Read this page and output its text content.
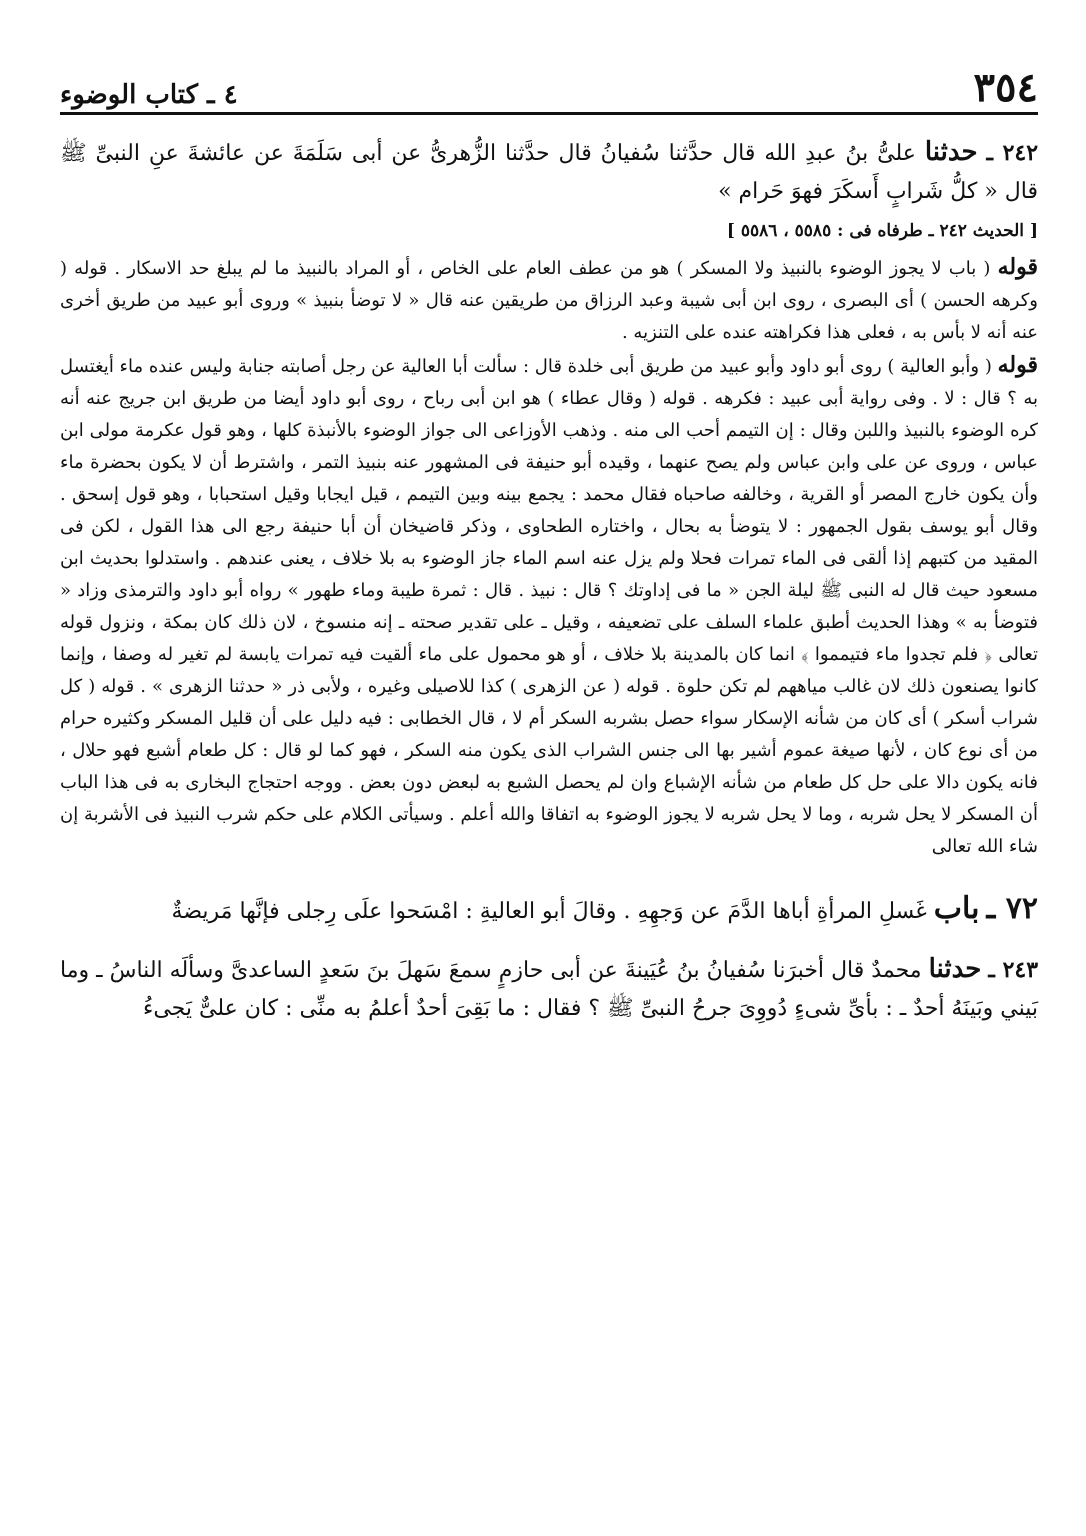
٣٥٤
٤ ـ كتاب الوضوء
٢٤٢ ـ حدثنا علىُّ بنُ عبدِ الله قال حدَّثنا سُفيانُ قال حدَّثنا الزُّهرىُّ عن أبى سَلَمَةَ عن عائشةَ عنِ النبىِّ ﷺ قال « كلُّ شَرابٍ أَسكَرَ فهوَ حَرام »
[ الحديث ٢٤٢ ـ طرفاه فى : ٥٥٨٥ ، ٥٥٨٦ ]

قوله ( باب لا يجوز الوضوء بالنبيذ ولا المسكر ) هو من عطف العام على الخاص ، أو المراد بالنبيذ ما لم يبلغ حد الاسكار . قوله ( وكرهه الحسن ) أى البصرى ، روى ابن أبى شيبة وعبد الرزاق من طريقين عنه قال « لا توضأ بنبيذ » وروى أبو عبيد من طريق أخرى عنه أنه لا بأس به ، فعلى هذا فكراهته عنده على التنزيه .

قوله ( وأبو العالية ) روى أبو داود وأبو عبيد من طريق أبى خلدة قال : سألت أبا العالية عن رجل أصابته جنابة وليس عنده ماء أيغتسل به ؟ قال : لا . وفى رواية أبى عبيد : فكرهه . قوله ( وقال عطاء ) هو ابن أبى رباح ، روى أبو داود أيضا من طريق ابن جريج عنه أنه كره الوضوء بالنبيذ واللبن وقال : إن التيمم أحب الى منه . وذهب الأوزاعى الى جواز الوضوء بالأنبذة كلها ، وهو قول عكرمة مولى ابن عباس ، وروى عن على وابن عباس ولم يصح عنهما ، وقيده أبو حنيفة فى المشهور عنه بنبيذ التمر ، واشترط أن لا يكون بحضرة ماء وأن يكون خارج المصر أو القرية ، وخالفه صاحباه فقال محمد : يجمع بينه وبين التيمم ، قيل ايجابا وقيل استحبابا ، وهو قول إسحق . وقال أبو يوسف بقول الجمهور : لا يتوضأ به بحال ، واختاره الطحاوى ، وذكر قاضيخان أن أبا حنيفة رجع الى هذا القول ، لكن فى المقيد من كتبهم إذا ألقى فى الماء تمرات فحلا ولم يزل عنه اسم الماء جاز الوضوء به بلا خلاف ، يعنى عندهم . واستدلوا بحديث ابن مسعود حيث قال له النبى ﷺ ليلة الجن « ما فى إداوتك ؟ قال : نبيذ . قال : ثمرة طيبة وماء طهور » رواه أبو داود والترمذى وزاد « فتوضأ به » وهذا الحديث أطبق علماء السلف على تضعيفه ، وقيل ـ على تقدير صحته ـ إنه منسوخ ، لان ذلك كان بمكة ، ونزول قوله تعالى ﴿ فلم تجدوا ماء فتيمموا ﴾ انما كان بالمدينة بلا خلاف ، أو هو محمول على ماء ألقيت فيه تمرات يابسة لم تغير له وصفا ، وإنما كانوا يصنعون ذلك لان غالب مياههم لم تكن حلوة . قوله ( عن الزهرى ) كذا للاصيلى وغيره ، ولأبى ذر « حدثنا الزهرى » . قوله ( كل شراب أسكر ) أى كان من شأنه الإسكار سواء حصل بشربه السكر أم لا ، قال الخطابى : فيه دليل على أن قليل المسكر وكثيره حرام من أى نوع كان ، لأنها صيغة عموم أشير بها الى جنس الشراب الذى يكون منه السكر ، فهو كما لو قال : كل طعام أشبع فهو حلال ، فانه يكون دالا على حل كل طعام من شأنه الإشباع وان لم يحصل الشبع به لبعض دون بعض . ووجه احتجاج البخارى به فى هذا الباب أن المسكر لا يحل شربه ، وما لا يحل شربه لا يجوز الوضوء به اتفاقا والله أعلم . وسيأتى الكلام على حكم شرب النبيذ فى الأشربة إن شاء الله تعالى

٧٢ ـ باب غَسلِ المرأةِ أباها الدَّمَ عن وَجهِهِ . وقالَ أبو العاليةِ : امْسَحوا علَى رِجلى فإنَّها مَريضةٌ
٢٤٣ ـ حدثنا محمدٌ قال أخبرَنا سُفيانُ بنُ عُيَينةَ عن أبى حازمٍ سمعَ سَهلَ بنَ سَعدٍ الساعدىَّ وسألَه الناسُ ـ وما بَيني وبَينَهُ أحدٌ ـ : بأىِّ شىءٍ دُووِىَ جرحُ النبىِّ ﷺ ؟ فقال : ما بَقِىَ أحدٌ أعلمُ به منِّى : كان علىٌّ يَجىءُ
